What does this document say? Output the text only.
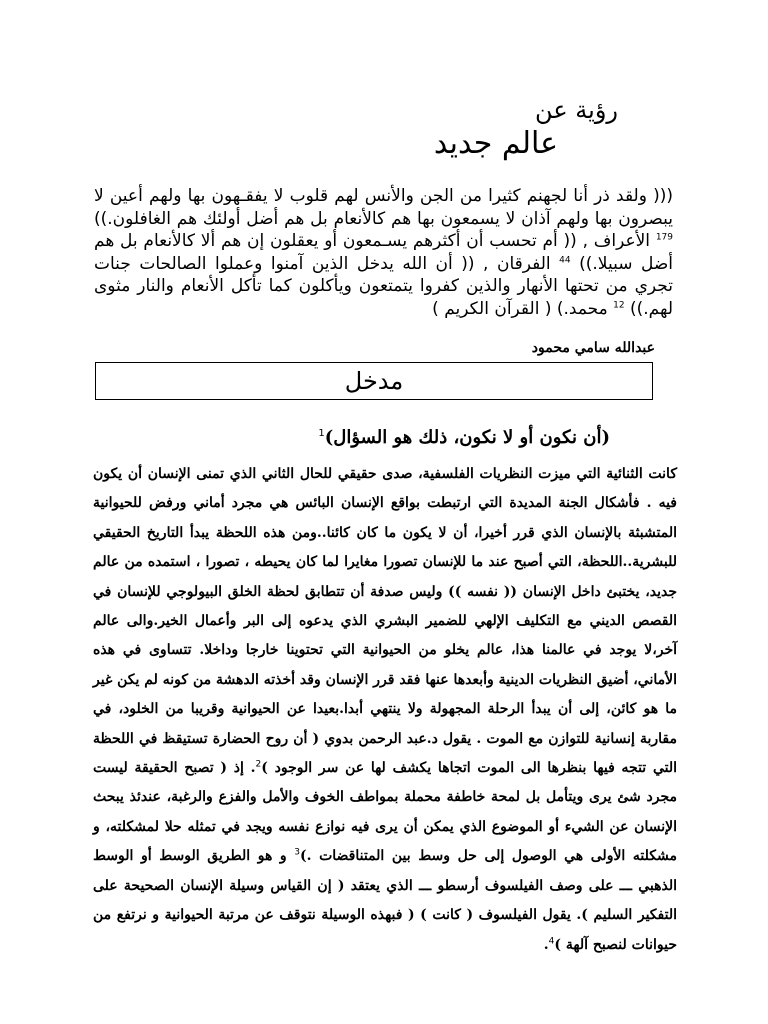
رؤية عن
عالم جديد
((( ولقد ذر أنا لجهنم كثيرا من الجن والأنس لهم قلوب لا يفقـهون بها ولهم أعين لا يبصرون بها ولهم آذان لا يسمعون بها هم كالأنعام بل هم أضل أولئك هم الغافلون.)) $^{179}$ الأعراف , (( أم تحسب أن أكثرهم يسـمعون أو يعقلون إن هم ألا كالأنعام بل هم أضل سبيلا.)) $^{44}$ الفرقان , (( أن الله يدخل الذين آمنوا وعملوا الصالحات جنات تجري من تحتها الأنهار والذين كفروا يتمتعون ويأكلون كما تأكل الأنعام والنار مثوى لهم.)) $^{12}$ محمد.) ( القرآن الكريم )
عبدالله سامي محمود
مدخل
(أن نكون أو لا نكون، ذلك هو السؤال)$^1$
كانت الثنائية التي ميزت النظريات الفلسفية، صدى حقيقي للحال الثاني الذي تمنى الإنسان أن يكون فيه . فأشكال الجنة المديدة التي ارتبطت بواقع الإنسان البائس هي مجرد أماني ورفض للحيوانية المتشبثة بالإنسان الذي قرر أخيرا، أن لا يكون ما كان كائنا..ومن هذه اللحظة يبدأ التاريخ الحقيقي للبشرية..اللحظة، التي أصبح عند ما للإنسان تصورا مغايرا لما كان يحيطه ، تصورا ، استمده من عالم جديد، يختبئ داخل الإنسان (( نفسه )) وليس صدفة أن تتطابق لحظة الخلق البيولوجي للإنسان في القصص الديني مع التكليف الإلهي للضمير البشري الذي يدعوه إلى البر وأعمال الخير.والى عالم آخر،لا يوجد في عالمنا هذا، عالم يخلو من الحيوانية التي تحتوينا خارجا وداخلا. تتساوى في هذه الأماني، أضيق النظريات الدينية وأبعدها عنها فقد قرر الإنسان وقد أخذته الدهشة من كونه لم يكن غير ما هو كائن، إلى أن يبدأ الرحلة المجهولة ولا ينتهي أبدا.بعيدا عن الحيوانية وقريبا من الخلود، في مقاربة إنسانية للتوازن مع الموت . يقول د.عبد الرحمن بدوي ( أن روح الحضارة تستيقظ في اللحظة التي تتجه فيها بنظرها الى الموت اتجاها يكشف لها عن سر الوجود )$^2$. إذ ( تصبح الحقيقة ليست مجرد شئ يرى ويتأمل بل لمحة خاطفة محملة بمواطف الخوف والأمل والفزع والرغبة، عندئذ يبحث الإنسان عن الشيء أو الموضوع الذي يمكن أن يرى فيه نوازع نفسه ويجد في تمثله حلا لمشكلته، و مشكلته الأولى هي الوصول إلى حل وسط بين المتناقضات .)$^3$ و هو الطريق الوسط أو الوسط الذهبي ـــ على وصف الفيلسوف أرسطو ـــ الذي يعتقد ( إن القياس وسيلة الإنسان الصحيحة على التفكير السليم ). يقول الفيلسوف ( كانت ) ( فبهذه الوسيلة نتوقف عن مرتبة الحيوانية و نرتفع من حيوانات لنصبح آلهة )$^4$.
